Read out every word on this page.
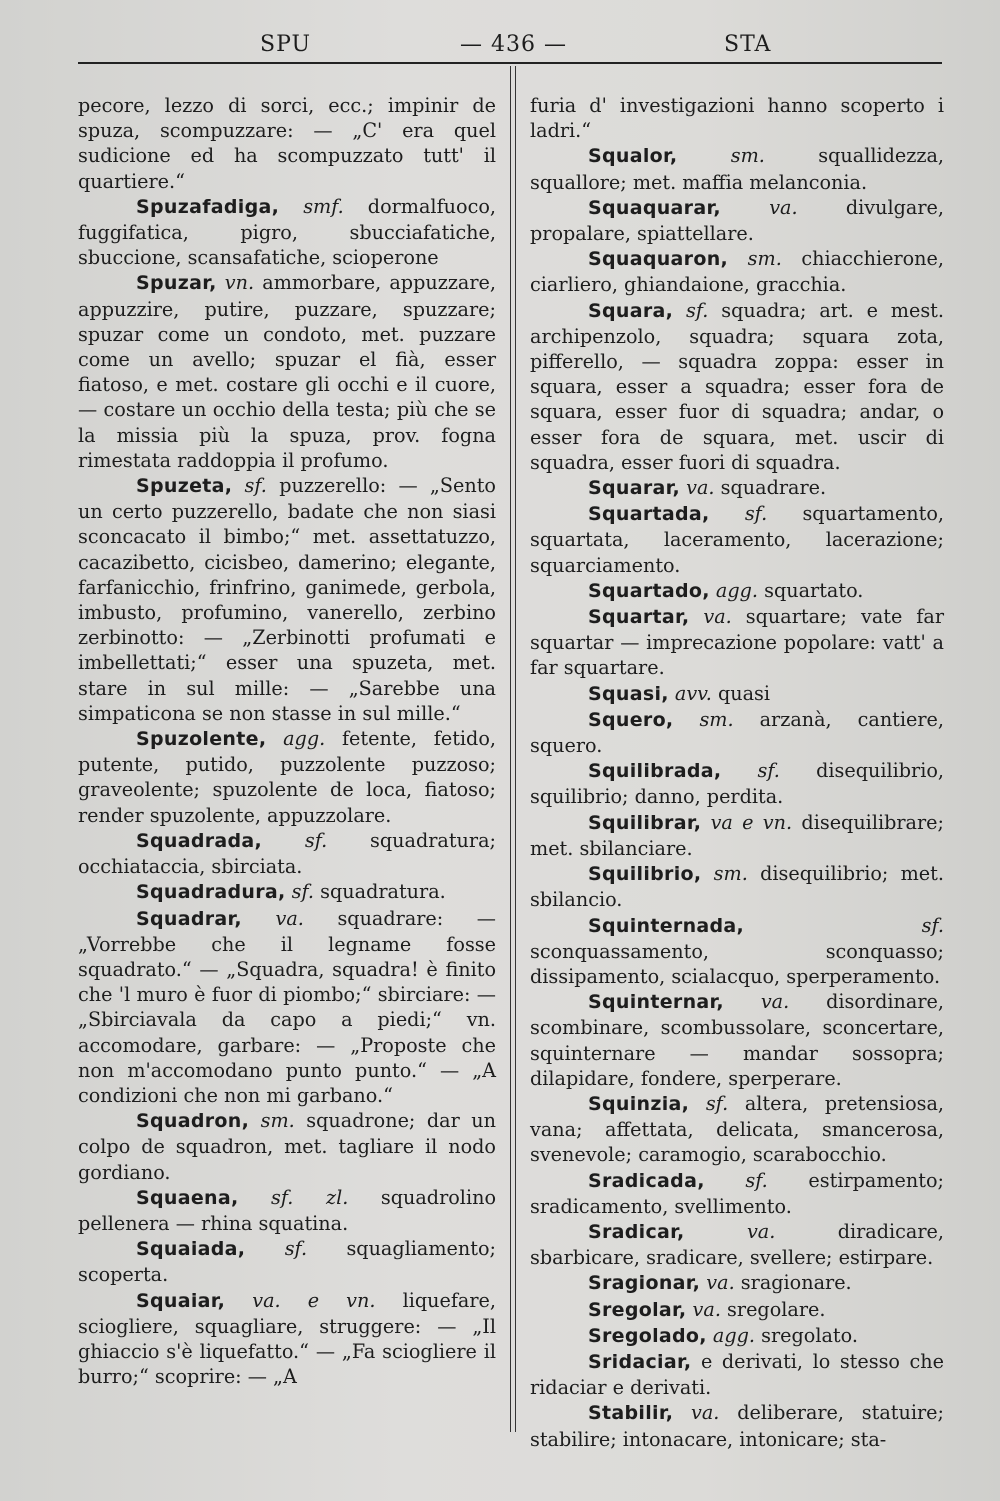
SPU	— 436 —	STA

pecore, lezzo di sorci, ecc.; impinir de spuza, scompuzzare: — „C' era quel sudicione ed ha scompuzzato tutt' il quartiere.“

Spuzafadiga, smf. dormalfuoco, fuggifatica, pigro, sbucciafatiche, sbuccione, scansafatiche, scioperone

Spuzar, vn. ammorbare, appuzzare, appuzzire, putire, puzzare, spuzzare; spuzar come un condoto, met. puzzare come un avello; spuzar el fià, esser fiatoso, e met. costare gli occhi e il cuore, — costare un occhio della testa; più che se la missia più la spuza, prov. fogna rimestata raddoppia il profumo.

Spuzeta, sf. puzzerello: — „Sento un certo puzzerello, badate che non siasi sconcacato il bimbo;“ met. assettatuzzo, cacazibetto, cicisbeo, damerino; elegante, farfanicchio, frinfrino, ganimede, gerbola, imbusto, profumino, vanerello, zerbino zerbinotto: — „Zerbinotti profumati e imbellettati;“ esser una spuzeta, met. stare in sul mille: — „Sarebbe una simpaticona se non stasse in sul mille.“

Spuzolente, agg. fetente, fetido, putente, putido, puzzolente puzzoso; graveolente; spuzolente de loca, fiatoso; render spuzolente, appuzzolare.

Squadrada, sf. squadratura; occhiataccia, sbirciata.

Squadradura, sf. squadratura.

Squadrar, va. squadrare: — „Vorrebbe che il legname fosse squadrato.“ — „Squadra, squadra! è finito che 'l muro è fuor di piombo;“ sbirciare: — „Sbirciavala da capo a piedi;“ vn. accomodare, garbare: — „Proposte che non m'accomodano punto punto.“ — „A condizioni che non mi garbano.“

Squadron, sm. squadrone; dar un colpo de squadron, met. tagliare il nodo gordiano.

Squaena, sf. zl. squadrolino pellenera — rhina squatina.

Squaiada, sf. squagliamento; scoperta.

Squaiar, va. e vn. liquefare, sciogliere, squagliare, struggere: — „Il ghiaccio s'è liquefatto.“ — „Fa sciogliere il burro;“ scoprire: — „A

furia d' investigazioni hanno scoperto i ladri.“

Squalor,	sm.	squallidezza, squallore; met. maffia melanconia.

Squaquarar,	va.	divulgare, propalare, spiattellare.

Squaquaron, sm. chiacchierone, ciarliero, ghiandaione, gracchia.

Squara, sf. squadra; art. e mest. archipenzolo, squadra; squara zota, pifferello, — squadra zoppa: esser in squara, esser a squadra; esser fora de squara, esser fuor di squadra; andar, o esser fora de squara, met. uscir di squadra, esser fuori di squadra.

Squarar, va. squadrare.

Squartada, sf. squartamento, squartata, laceramento, lacerazione; squarciamento.

Squartado, agg. squartato.

Squartar, va. squartare; vate far squartar — imprecazione popolare: vatt' a far squartare.

Squasi, avv. quasi

Squero, sm. arzanà, cantiere, squero.

Squilibrada, sf. disequilibrio, squilibrio; danno, perdita.

Squilibrar, va e vn. disequilibrare; met. sbilanciare.

Squilibrio, sm. disequilibrio; met. sbilancio.

Squinternada,	sf. sconquassamento, sconquasso; dissipamento, scialacquo, sperperamento.

Squinternar, va. disordinare, scombinare, scombussolare, sconcertare, squinternare — mandar sossopra; dilapidare, fondere, sperperare.

Squinzia, sf. altera, pretensiosa, vana; affettata, delicata, smancerosa, svenevole; caramogio, scarabocchio.

Sradicada, sf. estirpamento; sradicamento, svellimento.

Sradicar,	va.	diradicare, sbarbicare, sradicare, svellere; estirpare.

Sragionar, va. sragionare.

Sregolar, va. sregolare.

Sregolado, agg. sregolato.

Sridaciar, e derivati, lo stesso che ridaciar e derivati.

Stabilir, va. deliberare, statuire; stabilire; intonacare, intonicare; sta-
